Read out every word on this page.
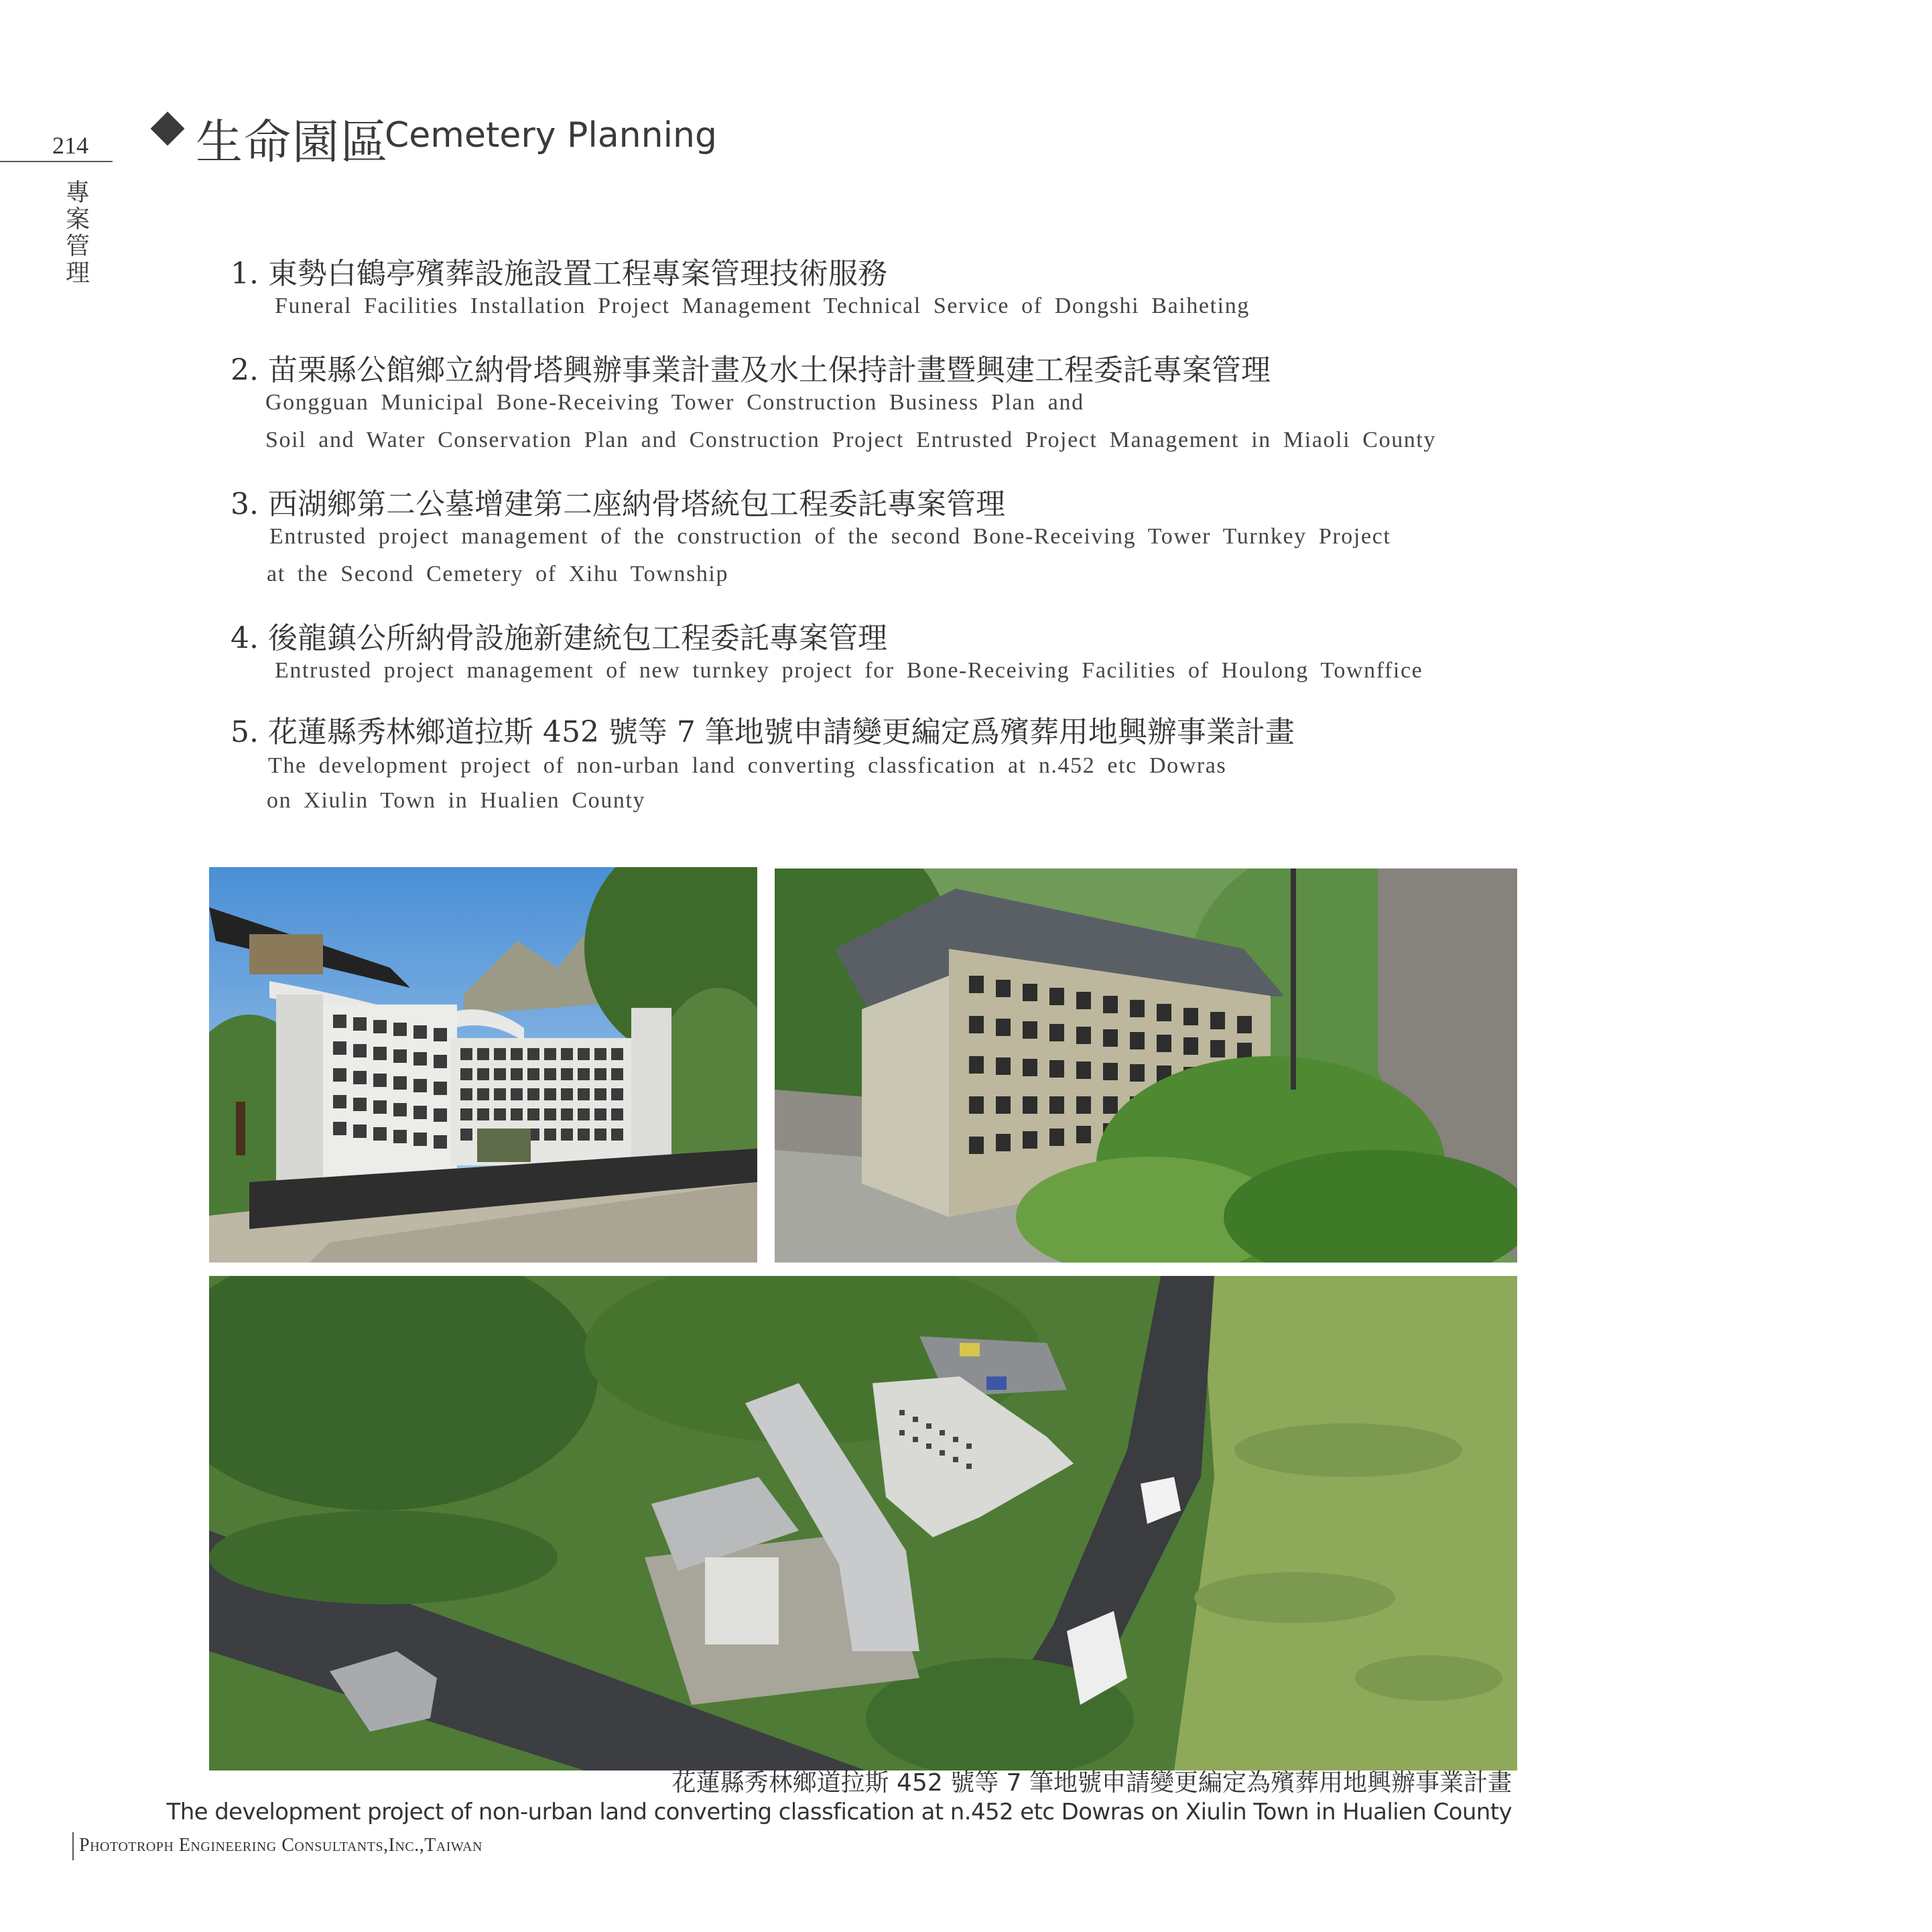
214 生命園區
Cemetery Planning
專案管理	1. 東勢白鶴亭殯葬設施設置工程專案管理技術服務
Funeral Facilities Installation Project Management Technical Service of Dongshi Baiheting
2. 苗栗縣公館鄉立納骨塔興辦事業計畫及水土保持計畫暨興建工程委託專案管理
Gongguan Municipal Bone-Receiving Tower Construction Business Plan and
Soil and Water Conservation Plan and Construction Project Entrusted Project Management in Miaoli County
3. 西湖鄉第二公墓增建第二座納骨塔統包工程委託專案管理
Entrusted project management of the construction of the second Bone-Receiving Tower Turnkey Project
at the Second Cemetery of Xihu Township
4. 後龍鎮公所納骨設施新建統包工程委託專案管理
Entrusted project management of new turnkey project for Bone-Receiving Facilities of Houlong Townffice
5. 花蓮縣秀林鄉道拉斯 452 號等 7 筆地號申請變更編定爲殯葬用地興辦事業計畫
The development project of non-urban land converting classfication at n.452 etc Dowras
on Xiulin Town in Hualien County
花蓮縣秀林鄉道拉斯 452 號等 7 筆地號申請變更編定為殯葬用地興辦事業計畫
The development project of non-urban land converting classfication at n.452 etc Dowras on Xiulin Town in Hualien County
Phototroph Engineering Consultants,Inc.,Taiwan
